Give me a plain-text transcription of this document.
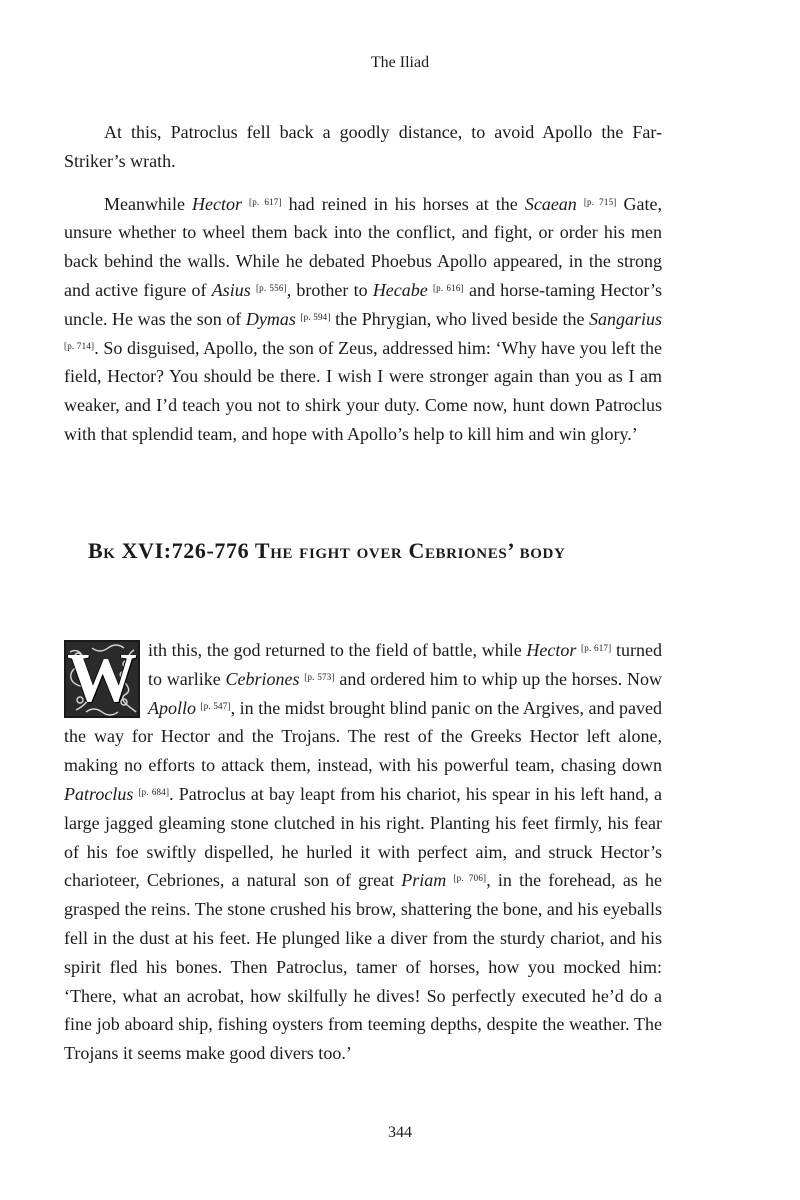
The Iliad

At this, Patroclus fell back a goodly distance, to avoid Apollo the Far-Striker’s wrath.

Meanwhile Hector [p. 617] had reined in his horses at the Scaean [p. 715] Gate, unsure whether to wheel them back into the conflict, and fight, or order his men back behind the walls. While he debated Phoebus Apollo appeared, in the strong and active figure of Asius [p. 556], brother to Hecabe [p. 616] and horse-taming Hector’s uncle. He was the son of Dymas [p. 594] the Phrygian, who lived beside the Sangarius [p. 714]. So disguised, Apollo, the son of Zeus, addressed him: ‘Why have you left the field, Hector? You should be there. I wish I were stronger again than you as I am weaker, and I’d teach you not to shirk your duty. Come now, hunt down Patroclus with that splendid team, and hope with Apollo’s help to kill him and win glory.’

Bk XVI:726-776 The fight over Cebriones’ body

W ith this, the god returned to the field of battle, while Hector [p. 617] turned to warlike Cebriones [p. 573] and ordered him to whip up the horses. Now Apollo [p. 547], in the midst brought blind panic on the Argives, and paved the way for Hector and the Trojans. The rest of the Greeks Hector left alone, making no efforts to attack them, instead, with his powerful team, chasing down Patroclus [p. 684]. Patroclus at bay leapt from his chariot, his spear in his left hand, a large jagged gleaming stone clutched in his right. Planting his feet firmly, his fear of his foe swiftly dispelled, he hurled it with perfect aim, and struck Hector’s charioteer, Cebriones, a natural son of great Priam [p. 706], in the forehead, as he grasped the reins. The stone crushed his brow, shattering the bone, and his eyeballs fell in the dust at his feet. He plunged like a diver from the sturdy chariot, and his spirit fled his bones. Then Patroclus, tamer of horses, how you mocked him: ‘There, what an acrobat, how skilfully he dives! So perfectly executed he’d do a fine job aboard ship, fishing oysters from teeming depths, despite the weather. The Trojans it seems make good divers too.’

344
